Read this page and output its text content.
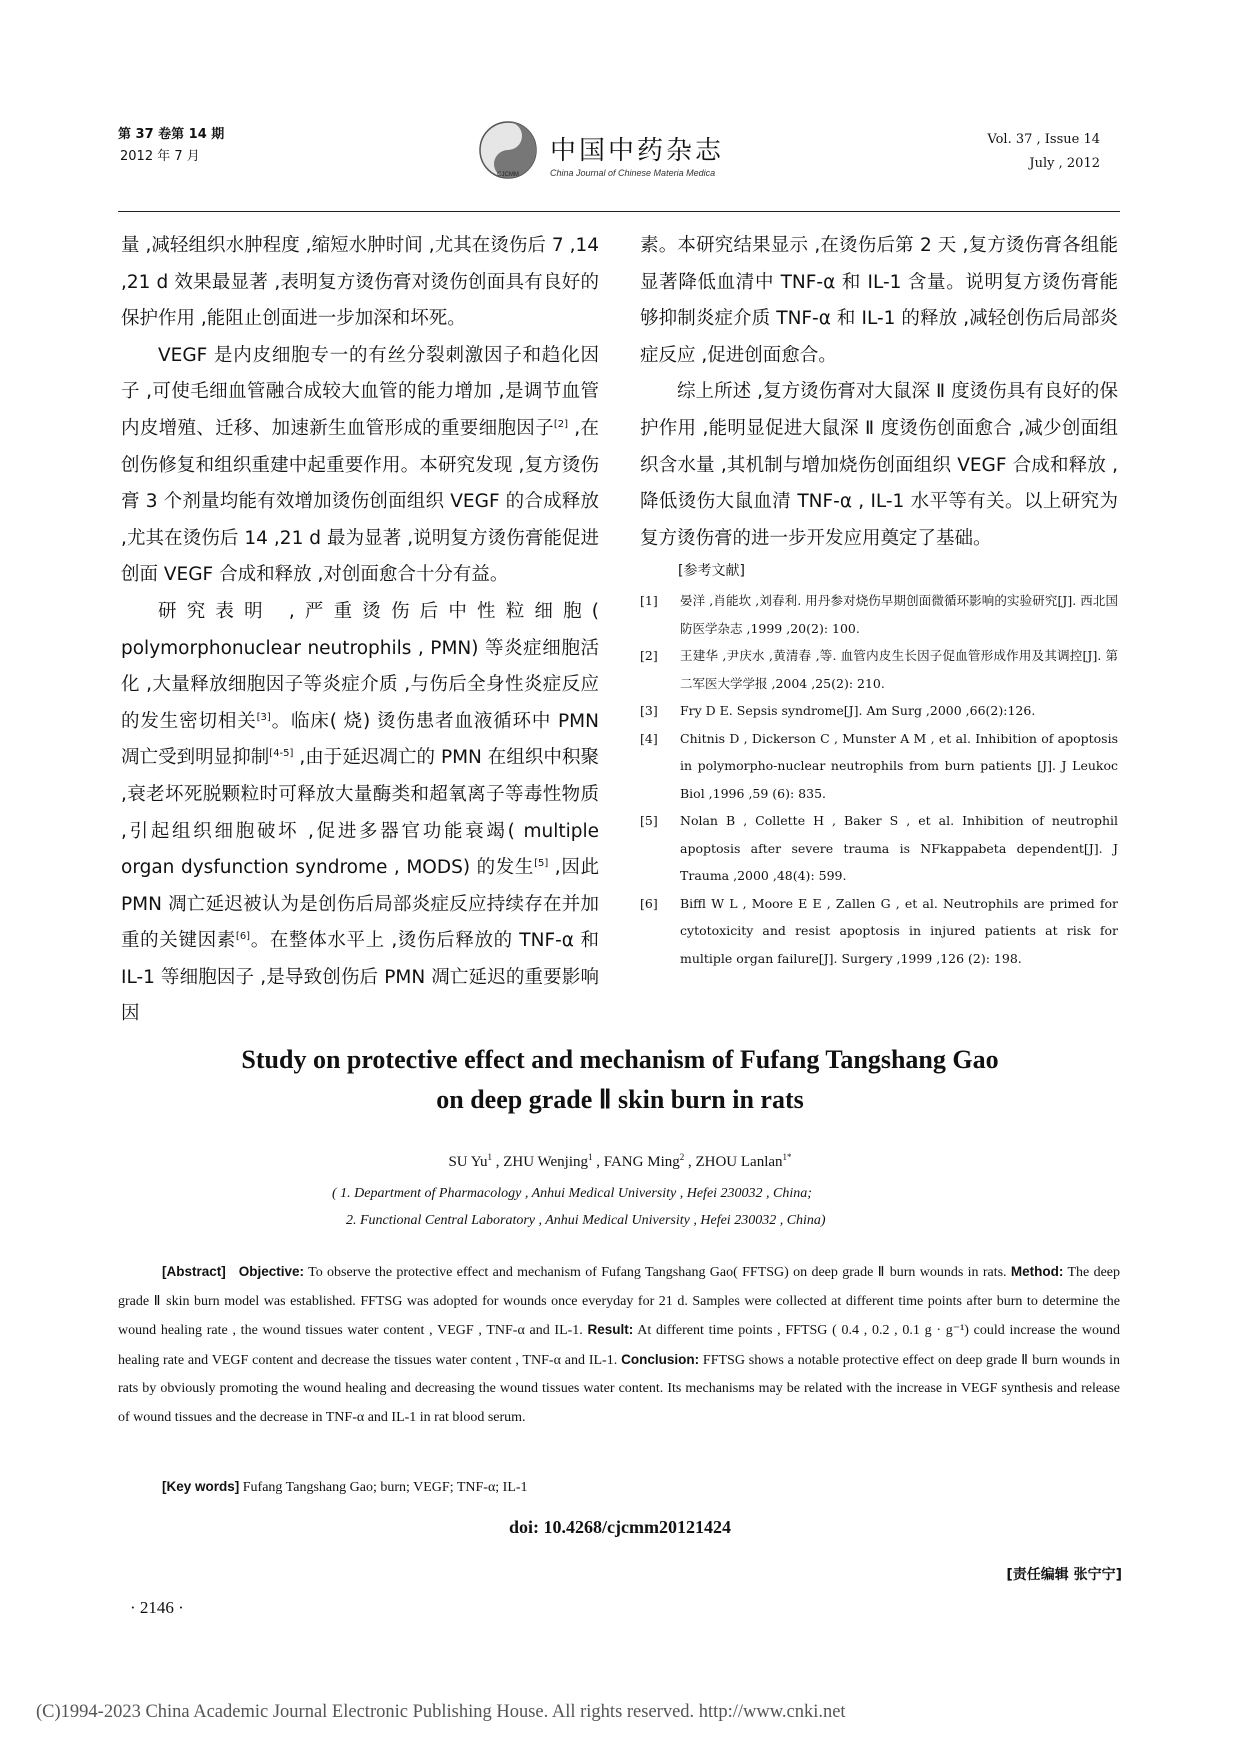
第 37 卷第 14 期
2012 年 7 月
CJCMM
中国中药杂志
China Journal of Chinese Materia Medica
Vol. 37 , Issue 14
July , 2012

量 ,减轻组织水肿程度 ,缩短水肿时间 ,尤其在烫伤后 7 ,14 ,21 d 效果最显著 ,表明复方烫伤膏对烫伤创面具有良好的保护作用 ,能阻止创面进一步加深和坏死。

VEGF 是内皮细胞专一的有丝分裂刺激因子和趋化因子 ,可使毛细血管融合成较大血管的能力增加 ,是调节血管内皮增殖、迁移、加速新生血管形成的重要细胞因子[2] ,在创伤修复和组织重建中起重要作用。本研究发现 ,复方烫伤膏 3 个剂量均能有效增加烫伤创面组织 VEGF 的合成释放 ,尤其在烫伤后 14 ,21 d 最为显著 ,说明复方烫伤膏能促进创面 VEGF 合成和释放 ,对创面愈合十分有益。

研究表明 ,严重烫伤后中性粒细胞( polymorphonuclear neutrophils , PMN) 等炎症细胞活化 ,大量释放细胞因子等炎症介质 ,与伤后全身性炎症反应的发生密切相关[3]。临床( 烧) 烫伤患者血液循环中 PMN 凋亡受到明显抑制[4-5] ,由于延迟凋亡的 PMN 在组织中积聚 ,衰老坏死脱颗粒时可释放大量酶类和超氧离子等毒性物质 ,引起组织细胞破坏 ,促进多器官功能衰竭( multiple organ dysfunction syndrome , MODS) 的发生[5] ,因此 PMN 凋亡延迟被认为是创伤后局部炎症反应持续存在并加重的关键因素[6]。在整体水平上 ,烫伤后释放的 TNF-α 和 IL-1 等细胞因子 ,是导致创伤后 PMN 凋亡延迟的重要影响因

素。本研究结果显示 ,在烫伤后第 2 天 ,复方烫伤膏各组能显著降低血清中 TNF-α 和 IL-1 含量。说明复方烫伤膏能够抑制炎症介质 TNF-α 和 IL-1 的释放 ,减轻创伤后局部炎症反应 ,促进创面愈合。

综上所述 ,复方烫伤膏对大鼠深 Ⅱ 度烫伤具有良好的保护作用 ,能明显促进大鼠深 Ⅱ 度烫伤创面愈合 ,减少创面组织含水量 ,其机制与增加烧伤创面组织 VEGF 合成和释放 ,降低烫伤大鼠血清 TNF-α , IL-1 水平等有关。以上研究为复方烫伤膏的进一步开发应用奠定了基础。

[参考文献]
[1]	晏洋 ,肖能坎 ,刘春利. 用丹参对烧伤早期创面微循环影响的实验研究[J]. 西北国防医学杂志 ,1999 ,20(2): 100.
[2]	王建华 ,尹庆水 ,黄清春 ,等. 血管内皮生长因子促血管形成作用及其调控[J]. 第二军医大学学报 ,2004 ,25(2): 210.
[3]	Fry D E. Sepsis syndrome[J]. Am Surg ,2000 ,66(2):126.
[4]	Chitnis D , Dickerson C , Munster A M , et al. Inhibition of apoptosis in polymorpho-nuclear neutrophils from burn patients [J]. J Leukoc Biol ,1996 ,59 (6): 835.
[5]	Nolan B , Collette H , Baker S , et al. Inhibition of neutrophil apoptosis after severe trauma is NFkappabeta dependent[J]. J Trauma ,2000 ,48(4): 599.
[6]	Biffl W L , Moore E E , Zallen G , et al. Neutrophils are primed for cytotoxicity and resist apoptosis in injured patients at risk for multiple organ failure[J]. Surgery ,1999 ,126 (2): 198.
Study on protective effect and mechanism of Fufang Tangshang Gao
on deep grade Ⅱ skin burn in rats
SU Yu$^1$ , ZHU Wenjing$^1$ , FANG Ming$^2$ , ZHOU Lanlan$^{1*}$
( 1. Department of Pharmacology , Anhui Medical University , Hefei 230032 , China;
2. Functional Central Laboratory , Anhui Medical University , Hefei 230032 , China)

[Abstract] Objective: To observe the protective effect and mechanism of Fufang Tangshang Gao( FFTSG) on deep grade Ⅱ burn wounds in rats. Method: The deep grade Ⅱ skin burn model was established. FFTSG was adopted for wounds once everyday for 21 d. Samples were collected at different time points after burn to determine the wound healing rate , the wound tissues water content , VEGF , TNF-α and IL-1. Result: At different time points , FFTSG ( 0.4 , 0.2 , 0.1 g · g⁻¹) could increase the wound healing rate and VEGF content and decrease the tissues water content , TNF-α and IL-1. Conclusion: FFTSG shows a notable protective effect on deep grade Ⅱ burn wounds in rats by obviously promoting the wound healing and decreasing the wound tissues water content. Its mechanisms may be related with the increase in VEGF synthesis and release of wound tissues and the decrease in TNF-α and IL-1 in rat blood serum.

[Key words] Fufang Tangshang Gao; burn; VEGF; TNF-α; IL-1
doi: 10.4268/cjcmm20121424
[责任编辑 张宁宁]
· 2146 ·
(C)1994-2023 China Academic Journal Electronic Publishing House. All rights reserved. http://www.cnki.net
